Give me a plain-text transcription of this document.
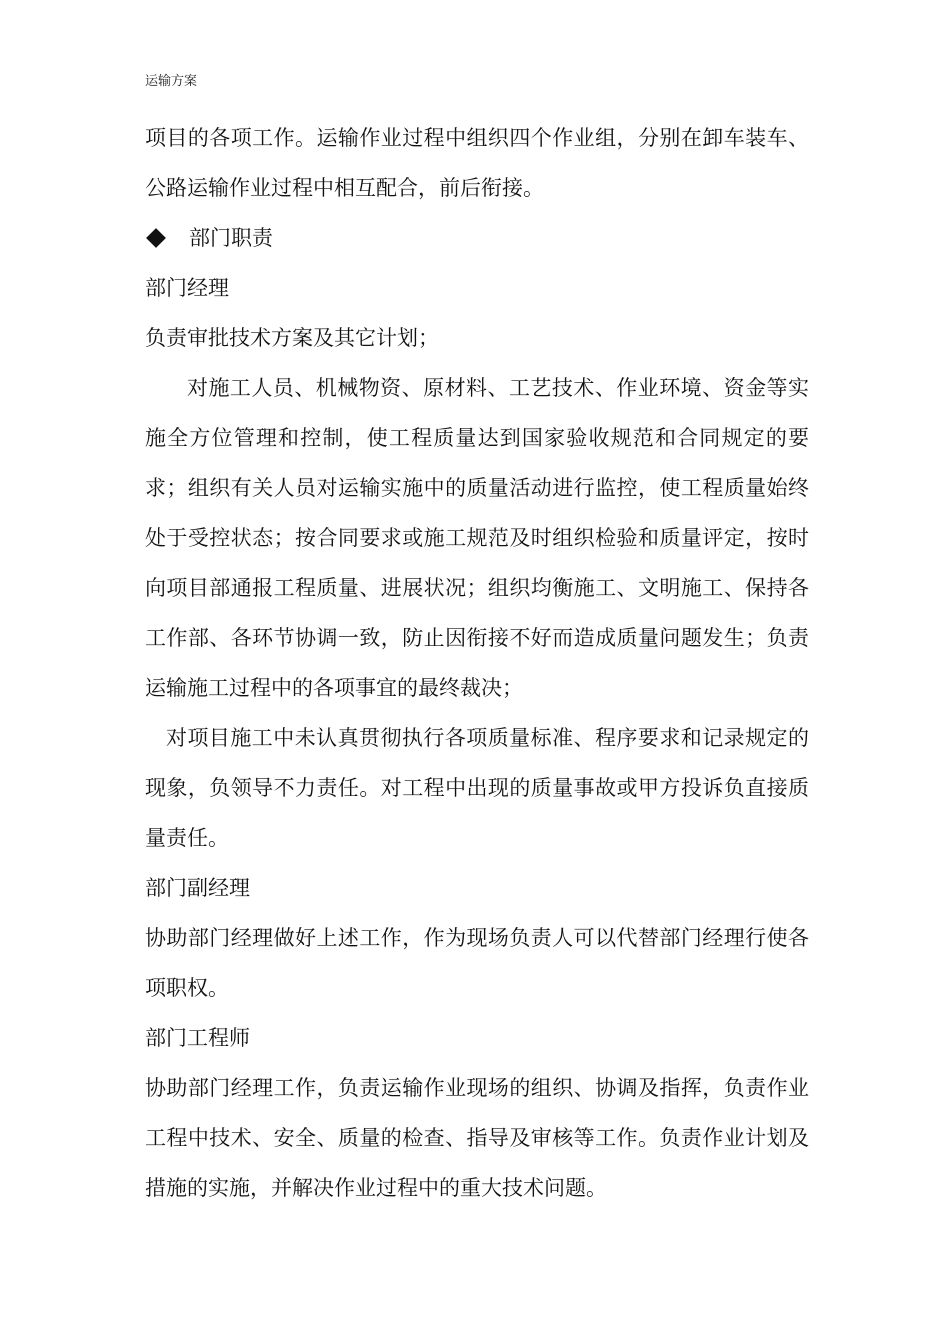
运输方案

项目的各项工作。运输作业过程中组织四个作业组，分别在卸车装车、公路运输作业过程中相互配合，前后衔接。

部门职责

部门经理

负责审批技术方案及其它计划；

对施工人员、机械物资、原材料、工艺技术、作业环境、资金等实施全方位管理和控制，使工程质量达到国家验收规范和合同规定的要求；组织有关人员对运输实施中的质量活动进行监控，使工程质量始终处于受控状态；按合同要求或施工规范及时组织检验和质量评定，按时向项目部通报工程质量、进展状况；组织均衡施工、文明施工、保持各工作部、各环节协调一致，防止因衔接不好而造成质量问题发生；负责运输施工过程中的各项事宜的最终裁决；

对项目施工中未认真贯彻执行各项质量标准、程序要求和记录规定的现象，负领导不力责任。对工程中出现的质量事故或甲方投诉负直接质量责任。

部门副经理

协助部门经理做好上述工作，作为现场负责人可以代替部门经理行使各项职权。

部门工程师

协助部门经理工作，负责运输作业现场的组织、协调及指挥，负责作业工程中技术、安全、质量的检查、指导及审核等工作。负责作业计划及措施的实施，并解决作业过程中的重大技术问题。
